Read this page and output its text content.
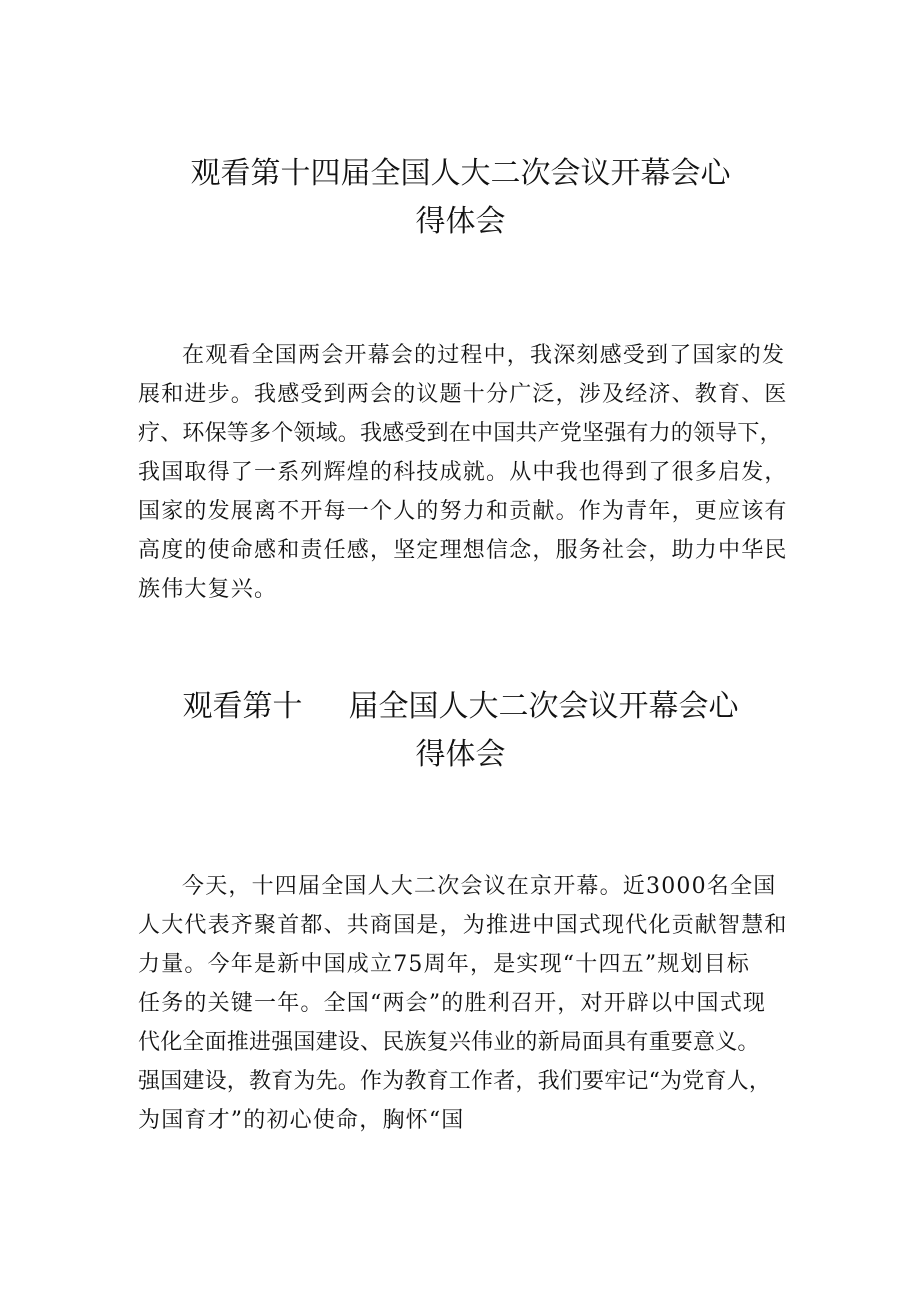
观看第十四届全国人大二次会议开幕会心
得体会

在观看全国两会开幕会的过程中，我深刻感受到了国家的发
展和进步。我感受到两会的议题十分广泛，涉及经济、教育、医
疗、环保等多个领域。我感受到在中国共产党坚强有力的领导下，
我国取得了一系列辉煌的科技成就。从中我也得到了很多启发，
国家的发展离不开每一个人的努力和贡献。作为青年，更应该有
高度的使命感和责任感，坚定理想信念，服务社会，助力中华民
族伟大复兴。

观看第十 届全国人大二次会议开幕会心
得体会

今天，十四届全国人大二次会议在京开幕。近3000名全国
人大代表齐聚首都、共商国是，为推进中国式现代化贡献智慧和
力量。今年是新中国成立75周年，是实现“十四五”规划目标
任务的关键一年。全国“两会”的胜利召开，对开辟以中国式现
代化全面推进强国建设、民族复兴伟业的新局面具有重要意义。
强国建设，教育为先。作为教育工作者，我们要牢记“为党育人，
为国育才”的初心使命，胸怀“国
